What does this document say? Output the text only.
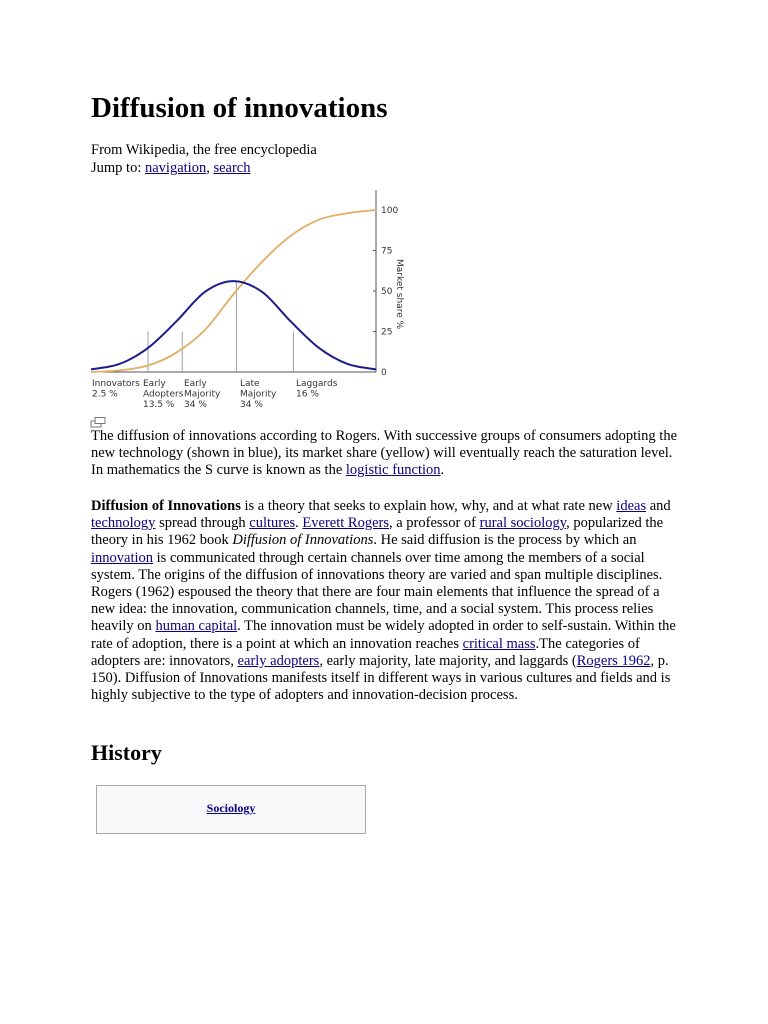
Diffusion of innovations
From Wikipedia, the free encyclopedia
Jump to: navigation, search
0
25
50
75
100
Market share %
Innovators
2.5 %
Early
Adopters
13.5 %
Early
Majority
34 %
Late
Majority
34 %
Laggards
16 %

The diffusion of innovations according to Rogers. With successive groups of consumers adopting the new technology (shown in blue), its market share (yellow) will eventually reach the saturation level. In mathematics the S curve is known as the logistic function.

Diffusion of Innovations is a theory that seeks to explain how, why, and at what rate new ideas and technology spread through cultures. Everett Rogers, a professor of rural sociology, popularized the theory in his 1962 book Diffusion of Innovations. He said diffusion is the process by which an innovation is communicated through certain channels over time among the members of a social system. The origins of the diffusion of innovations theory are varied and span multiple disciplines. Rogers (1962) espoused the theory that there are four main elements that influence the spread of a new idea: the innovation, communication channels, time, and a social system. This process relies heavily on human capital. The innovation must be widely adopted in order to self-sustain. Within the rate of adoption, there is a point at which an innovation reaches critical mass.The categories of adopters are: innovators, early adopters, early majority, late majority, and laggards (Rogers 1962, p. 150). Diffusion of Innovations manifests itself in different ways in various cultures and fields and is highly subjective to the type of adopters and innovation-decision process.

History
Sociology
